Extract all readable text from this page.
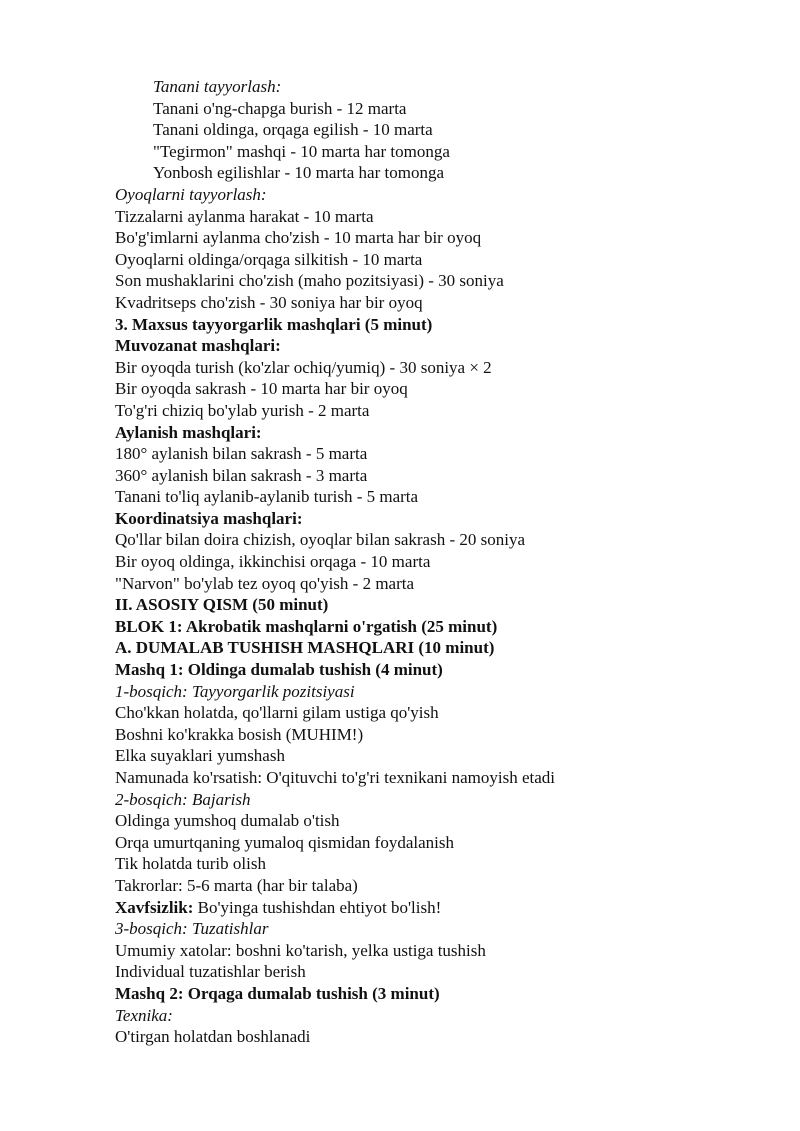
Tanani tayyorlash:
Tanani o'ng-chapga burish - 12 marta
Tanani oldinga, orqaga egilish - 10 marta
"Tegirmon" mashqi - 10 marta har tomonga
Yonbosh egilishlar - 10 marta har tomonga
Oyoqlarni tayyorlash:
Tizzalarni aylanma harakat - 10 marta
Bo'g'imlarni aylanma cho'zish - 10 marta har bir oyoq
Oyoqlarni oldinga/orqaga silkitish - 10 marta
Son mushaklarini cho'zish (maho pozitsiyasi) - 30 soniya
Kvadritseps cho'zish - 30 soniya har bir oyoq
3. Maxsus tayyorgarlik mashqlari (5 minut)
Muvozanat mashqlari:
Bir oyoqda turish (ko'zlar ochiq/yumiq) - 30 soniya × 2
Bir oyoqda sakrash - 10 marta har bir oyoq
To'g'ri chiziq bo'ylab yurish - 2 marta
Aylanish mashqlari:
180° aylanish bilan sakrash - 5 marta
360° aylanish bilan sakrash - 3 marta
Tanani to'liq aylanib-aylanib turish - 5 marta
Koordinatsiya mashqlari:
Qo'llar bilan doira chizish, oyoqlar bilan sakrash - 20 soniya
Bir oyoq oldinga, ikkinchisi orqaga - 10 marta
"Narvon" bo'ylab tez oyoq qo'yish - 2 marta
II. ASOSIY QISM (50 minut)
BLOK 1: Akrobatik mashqlarni o'rgatish (25 minut)
A. DUMALAB TUSHISH MASHQLARI (10 minut)
Mashq 1: Oldinga dumalab tushish (4 minut)
1-bosqich: Tayyorgarlik pozitsiyasi
Cho'kkan holatda, qo'llarni gilam ustiga qo'yish
Boshni ko'krakka bosish (MUHIM!)
Elka suyaklari yumshash
Namunada ko'rsatish: O'qituvchi to'g'ri texnikani namoyish etadi
2-bosqich: Bajarish
Oldinga yumshoq dumalab o'tish
Orqa umurtqaning yumaloq qismidan foydalanish
Tik holatda turib olish
Takrorlar: 5-6 marta (har bir talaba)
Xavfsizlik: Bo'yinga tushishdan ehtiyot bo'lish!
3-bosqich: Tuzatishlar
Umumiy xatolar: boshni ko'tarish, yelka ustiga tushish
Individual tuzatishlar berish
Mashq 2: Orqaga dumalab tushish (3 minut)
Texnika:
O'tirgan holatdan boshlanadi
